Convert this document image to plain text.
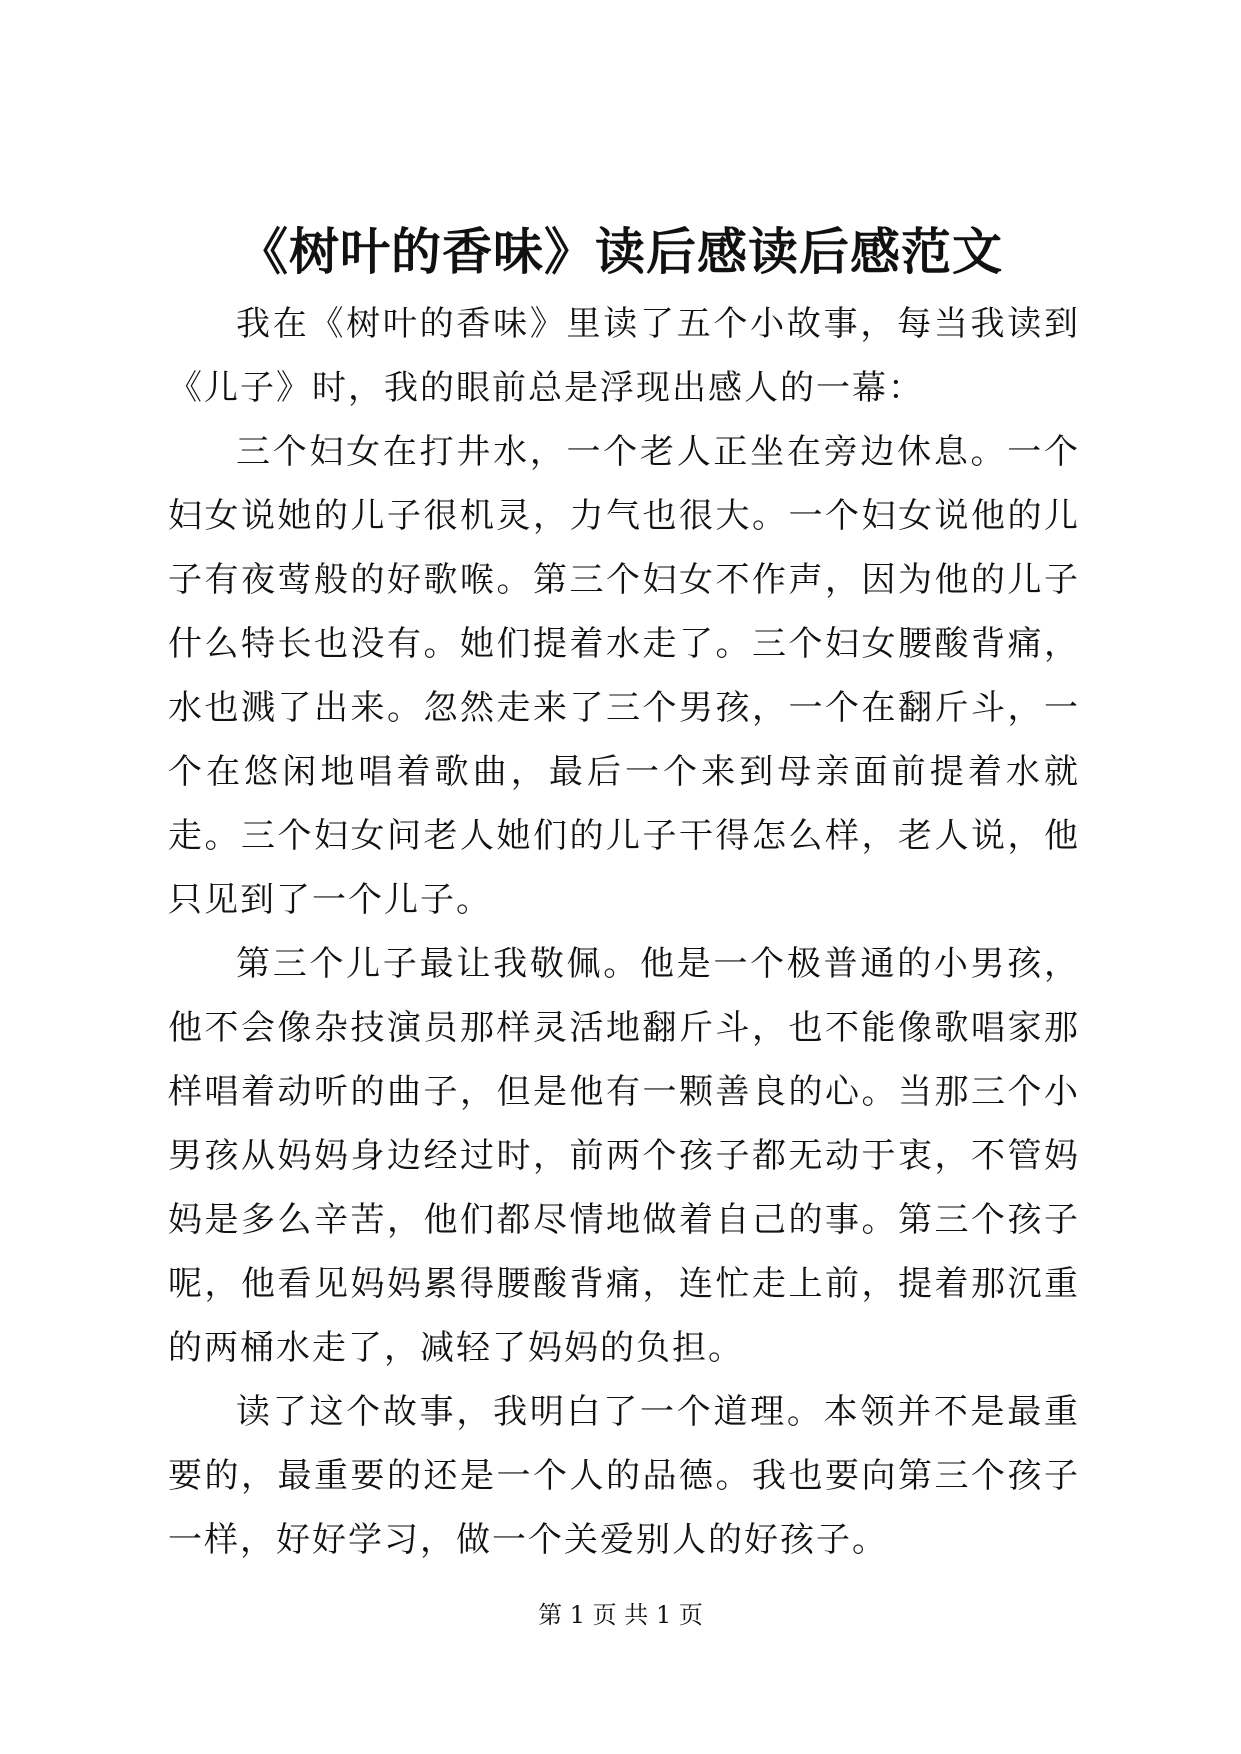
《树叶的香味》读后感读后感范文

我在《树叶的香味》里读了五个小故事，每当我读到《儿子》时，我的眼前总是浮现出感人的一幕：

三个妇女在打井水，一个老人正坐在旁边休息。一个妇女说她的儿子很机灵，力气也很大。一个妇女说他的儿子有夜莺般的好歌喉。第三个妇女不作声，因为他的儿子什么特长也没有。她们提着水走了。三个妇女腰酸背痛，水也溅了出来。忽然走来了三个男孩，一个在翻斤斗，一个在悠闲地唱着歌曲，最后一个来到母亲面前提着水就走。三个妇女问老人她们的儿子干得怎么样，老人说，他只见到了一个儿子。

第三个儿子最让我敬佩。他是一个极普通的小男孩，他不会像杂技演员那样灵活地翻斤斗，也不能像歌唱家那样唱着动听的曲子，但是他有一颗善良的心。当那三个小男孩从妈妈身边经过时，前两个孩子都无动于衷，不管妈妈是多么辛苦，他们都尽情地做着自己的事。第三个孩子呢，他看见妈妈累得腰酸背痛，连忙走上前，提着那沉重的两桶水走了，减轻了妈妈的负担。

读了这个故事，我明白了一个道理。本领并不是最重要的，最重要的还是一个人的品德。我也要向第三个孩子一样，好好学习，做一个关爱别人的好孩子。

第 1 页 共 1 页
